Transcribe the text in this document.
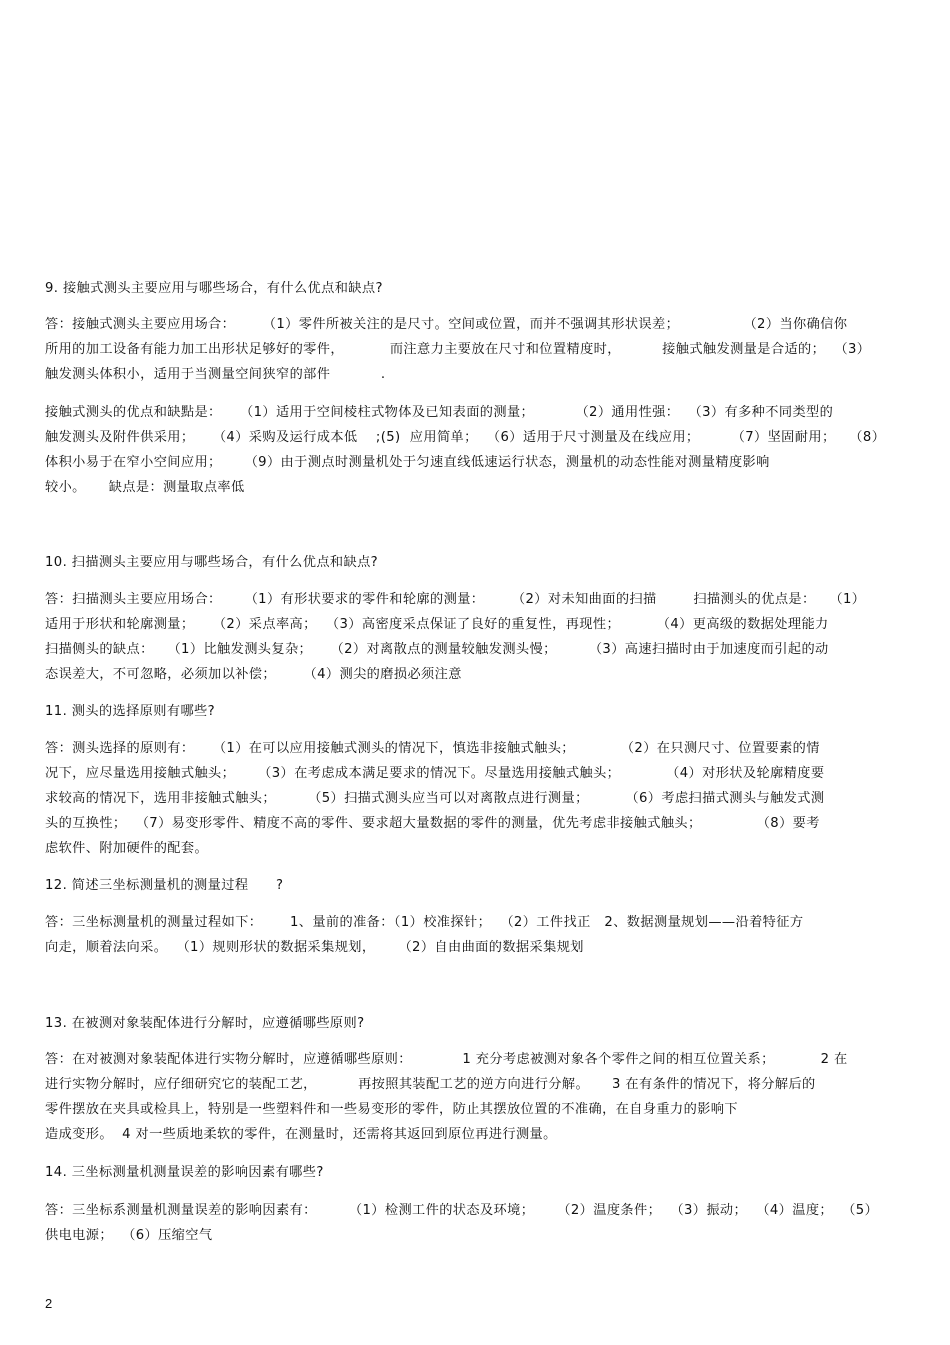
9. 接触式测头主要应用与哪些场合，有什么优点和缺点?
答：接触式测头主要应用场合：      （1）零件所被关注的是尺寸。空间或位置，而并不强调其形状误差；              （2）当你确信你
所用的加工设备有能力加工出形状足够好的零件，          而注意力主要放在尺寸和位置精度时，         接触式触发测量是合适的；  （3）
触发测头体积小，适用于当测量空间狭窄的部件           .
接触式测头的优点和缺點是：    （1）适用于空间棱柱式物体及已知表面的测量；         （2）通用性强：  （3）有多种不同类型的
触发测头及附件供采用；    （4）采购及运行成本低    ;(5)  应用简单；  （6）适用于尺寸测量及在线应用；       （7）坚固耐用；   （8）
体积小易于在窄小空间应用；     （9）由于测点时测量机处于匀速直线低速运行状态，测量机的动态性能对测量精度影响
较小。     缺点是：测量取点率低
10. 扫描测头主要应用与哪些场合，有什么优点和缺点?
答：扫描测头主要应用场合：     （1）有形状要求的零件和轮廓的测量：      （2）对未知曲面的扫描        扫描测头的优点是：   （1）
适用于形状和轮廓测量；    （2）采点率高；  （3）高密度采点保证了良好的重复性，再现性；        （4）更高级的数据处理能力
扫描侧头的缺点：   （1）比触发测头复杂；    （2）对离散点的测量较触发测头慢；       （3）高速扫描时由于加速度而引起的动
态误差大，不可忽略，必须加以补偿；      （4）测尖的磨损必须注意
11. 测头的选择原则有哪些?
答：测头选择的原则有：    （1）在可以应用接触式测头的情况下，慎选非接触式触头；          （2）在只测尺寸、位置要素的情
况下，应尽量选用接触式触头；     （3）在考虑成本满足要求的情况下。尽量选用接触式触头；          （4）对形状及轮廓精度要
求较高的情况下，选用非接触式触头；       （5）扫描式测头应当可以对离散点进行测量；        （6）考虑扫描式测头与触发式测
头的互换性；  （7）易变形零件、精度不高的零件、要求超大量数据的零件的测量，优先考虑非接触式触头；            （8）要考
虑软件、附加硬件的配套。
12. 简述三坐标测量机的测量过程      ?
答：三坐标测量机的测量过程如下：      1、量前的准备：（1）校准探针；  （2）工件找正   2、数据测量规划——沿着特征方
向走，顺着法向采。  （1）规则形状的数据采集规划，     （2）自由曲面的数据采集规划
13. 在被测对象装配体进行分解时，应遵循哪些原则?
答：在对被测对象装配体进行实物分解时，应遵循哪些原则：           1 充分考虑被测对象各个零件之间的相互位置关系；          2 在
进行实物分解时，应仔细研究它的装配工艺，         再按照其装配工艺的逆方向进行分解。     3 在有条件的情况下，将分解后的
零件摆放在夹具或检具上，特别是一些塑料件和一些易变形的零件，防止其摆放位置的不准确，在自身重力的影响下
造成变形。  4 对一些质地柔软的零件，在测量时，还需将其返回到原位再进行测量。
14. 三坐标测量机测量误差的影响因素有哪些?
答：三坐标系测量机测量误差的影响因素有：       （1）检测工件的状态及环境；     （2）温度条件；  （3）振动；  （4）温度；  （5）
供电电源；  （6）压缩空气
2
